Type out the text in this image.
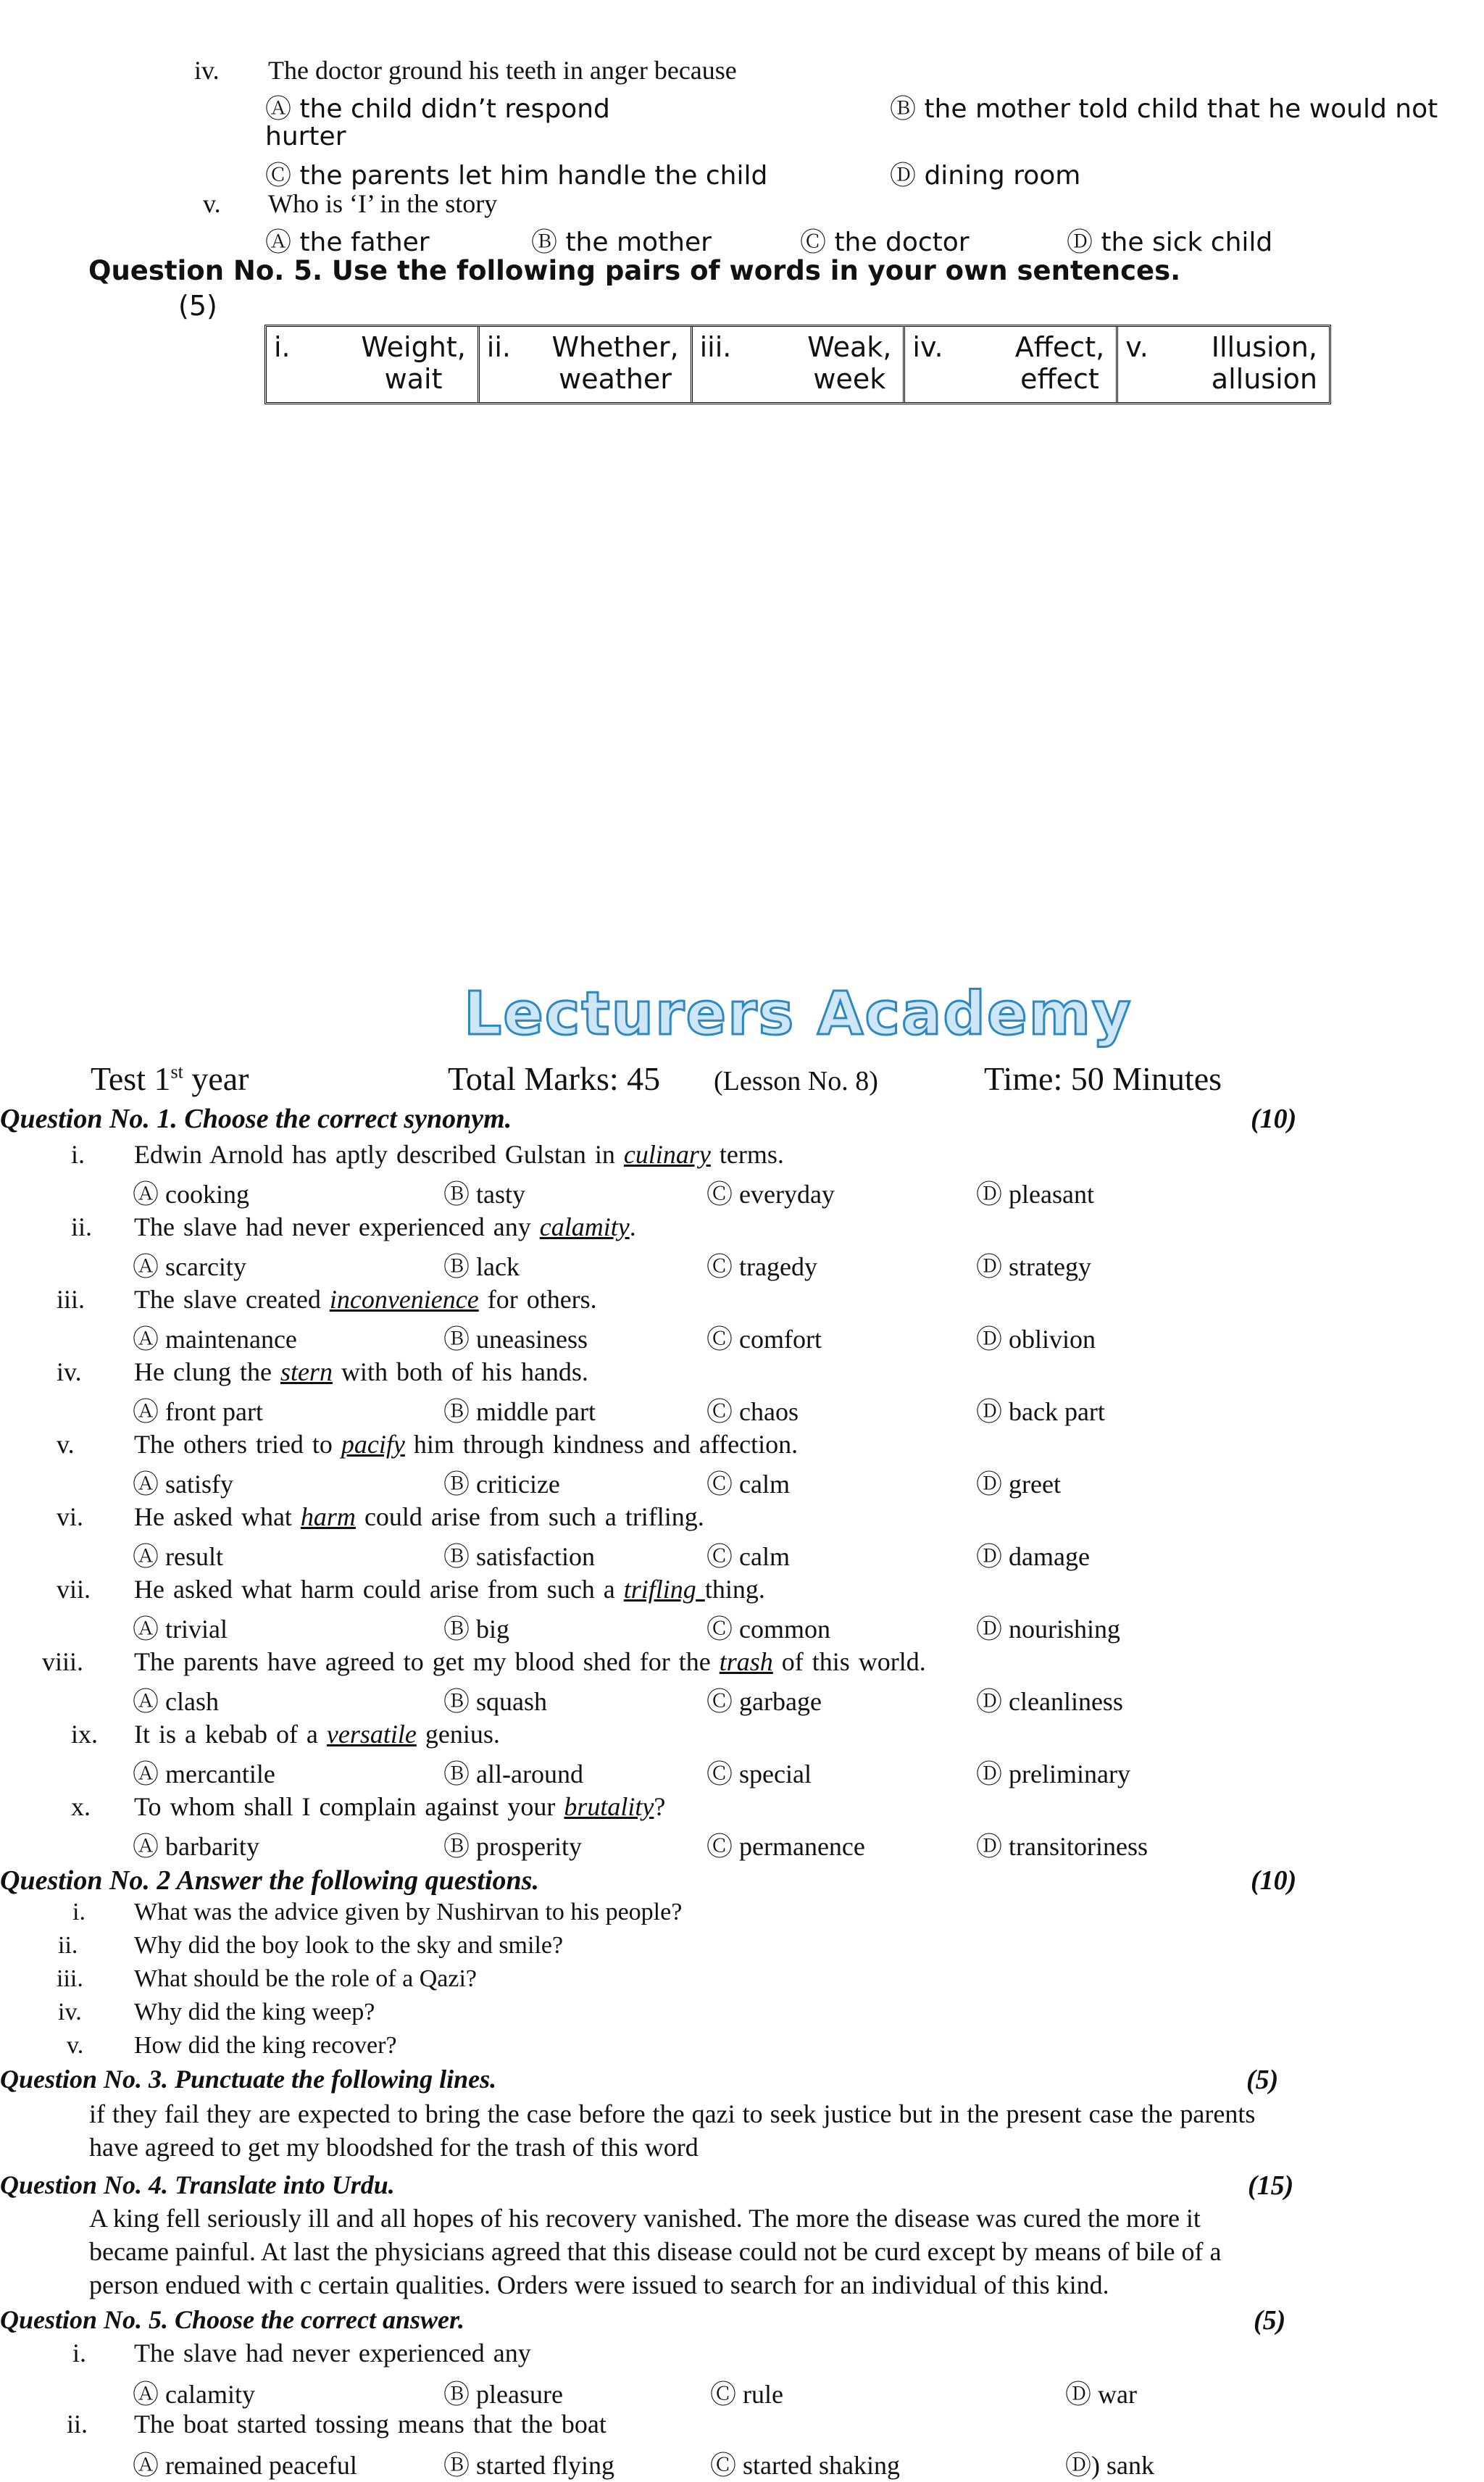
iv. The doctor ground his teeth in anger because
Ⓐ the child didn’t respond	Ⓑ the mother told child that he would not
hurter
Ⓒ the parents let him handle the child	Ⓓ dining room
v. Who is ‘I’ in the story
Ⓐ the father	Ⓑ the mother	Ⓒ the doctor	Ⓓ the sick child
Question No. 5. Use the following pairs of words in your own sentences.
(5)
i.	Weight,
wait
ii. Whether,
weather
iii.	Weak,
week
iv.	Affect,
effect
v. Illusion,
allusion
Lecturers Academy
Test 1st year	Total Marks: 45 (Lesson No. 8)	Time: 50 Minutes
Question No. 1. Choose the correct synonym.	(10)
i. Edwin Arnold has aptly described Gulstan in culinary terms.
Ⓐ cooking	Ⓑ tasty	Ⓒ everyday	Ⓓ pleasant
ii. The slave had never experienced any calamity.
Ⓐ scarcity	Ⓑ lack	Ⓒ tragedy	Ⓓ strategy
iii. The slave created inconvenience for others.
Ⓐ maintenance	Ⓑ uneasiness	Ⓒ comfort	Ⓓ oblivion
iv. He clung the stern with both of his hands.
Ⓐ front part	Ⓑ middle part	Ⓒ chaos	Ⓓ back part
v. The others tried to pacify him through kindness and affection.
Ⓐ satisfy	Ⓑ criticize	Ⓒ calm	Ⓓ greet
vi. He asked what harm could arise from such a trifling.
Ⓐ result	Ⓑ satisfaction	Ⓒ calm	Ⓓ damage
vii. He asked what harm could arise from such a trifling thing.
Ⓐ trivial	Ⓑ big	Ⓒ common	Ⓓ nourishing
viii. The parents have agreed to get my blood shed for the trash of this world.
Ⓐ clash	Ⓑ squash	Ⓒ garbage	Ⓓ cleanliness
ix. It is a kebab of a versatile genius.
Ⓐ mercantile	Ⓑ all-around	Ⓒ special	Ⓓ preliminary
x. To whom shall I complain against your brutality?
Ⓐ barbarity	Ⓑ prosperity	Ⓒ permanence	Ⓓ transitoriness
Question No. 2 Answer the following questions.	(10)
i. What was the advice given by Nushirvan to his people?
ii. Why did the boy look to the sky and smile?
iii. What should be the role of a Qazi?
iv. Why did the king weep?
v. How did the king recover?
Question No. 3. Punctuate the following lines.	(5)
if they fail they are expected to bring the case before the qazi to seek justice but in the present case the parents
have agreed to get my bloodshed for the trash of this word
Question No. 4. Translate into Urdu.	(15)
A king fell seriously ill and all hopes of his recovery vanished. The more the disease was cured the more it
became painful. At last the physicians agreed that this disease could not be curd except by means of bile of a
person endued with c certain qualities. Orders were issued to search for an individual of this kind.
Question No. 5. Choose the correct answer.	(5)
i. The slave had never experienced any
Ⓐ calamity	Ⓑ pleasure	Ⓒ rule	Ⓓ war
ii. The boat started tossing means that the boat
Ⓐ remained peaceful	Ⓑ started flying	Ⓒ started shaking	Ⓓ) sank
